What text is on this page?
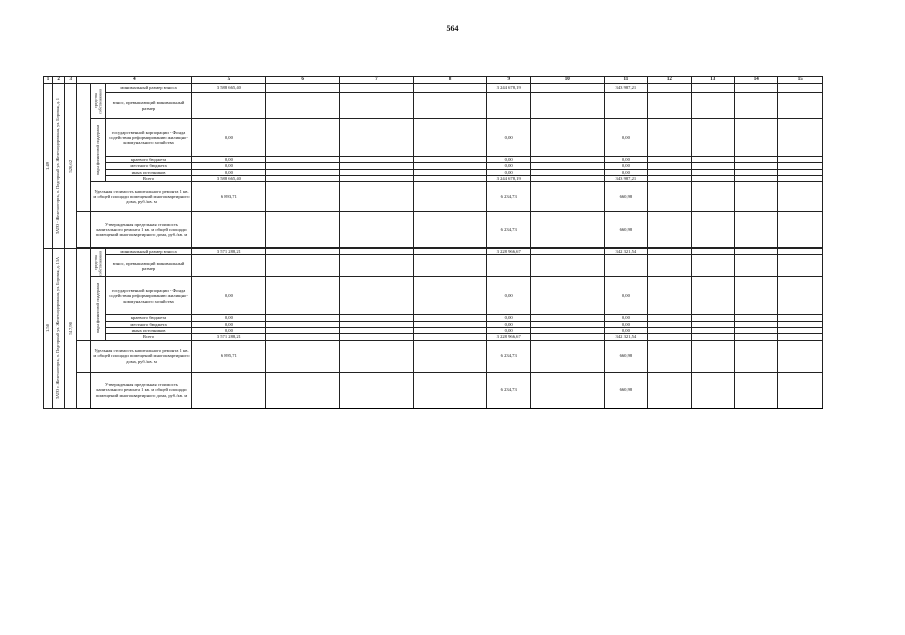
564
1	2	3	4			5	6	7	8	9	10	11	12	13	14	15

1.49	ЗАТО - Железногорск, п. Подгорный ул. Железнодорожная, ул. Боровая, д. 1	520,62		средства собственников	минимальный размер взноса	3 588 665,40				3 244 678,19		343 987,21				
					взнос, превышающий минимальный размер											

				виды финансовой поддержки	государственной корпорации - Фонда содействия реформированию жилищно-коммунального хозяйства	0,00				0,00		0,00				
					краевого бюджета	0,00				0,00		0,00				
					местного бюджета	0,00				0,00		0,00				
					иных источников	0,00				0,00		0,00				
					Всего	3 588 665,40				3 244 678,19		343 987,21				
				Удельная стоимость капитального ремонта 1 кв. м общей площади помещений многоквартирного дома, руб./кв. м		6 893,71				6 234,73		660,98				
				Утвержденная предельная стоимость капитального ремонта 1 кв. м общей площади помещений многоквартирного дома, руб./кв. м						6 234,73		660,98				

1.50	ЗАТО г. Железногорск, п. Подгорный ул. Железнодорожная, ул. Боровая, д. 13А	517,90		средства собственников	минимальный размер взноса	3 571 288,21				3 228 966,67		342 321,54				
					взнос, превышающий минимальный размер											

				виды финансовой поддержки	государственной корпорации - Фонда содействия реформированию жилищно-коммунального хозяйства	0,00				0,00		0,00				
					краевого бюджета	0,00				0,00		0,00				
					местного бюджета	0,00				0,00		0,00				
					иных источников	0,00				0,00		0,00				
					Всего	3 571 288,21				3 228 966,67		342 321,54				
				Удельная стоимость капитального ремонта 1 кв. м общей площади помещений многоквартирного дома, руб./кв. м		6 895,71				6 234,73		660,98				
				Утвержденная предельная стоимость капитального ремонта 1 кв. м общей площади помещений многоквартирного дома, руб./кв. м						6 234,73		660,98				
